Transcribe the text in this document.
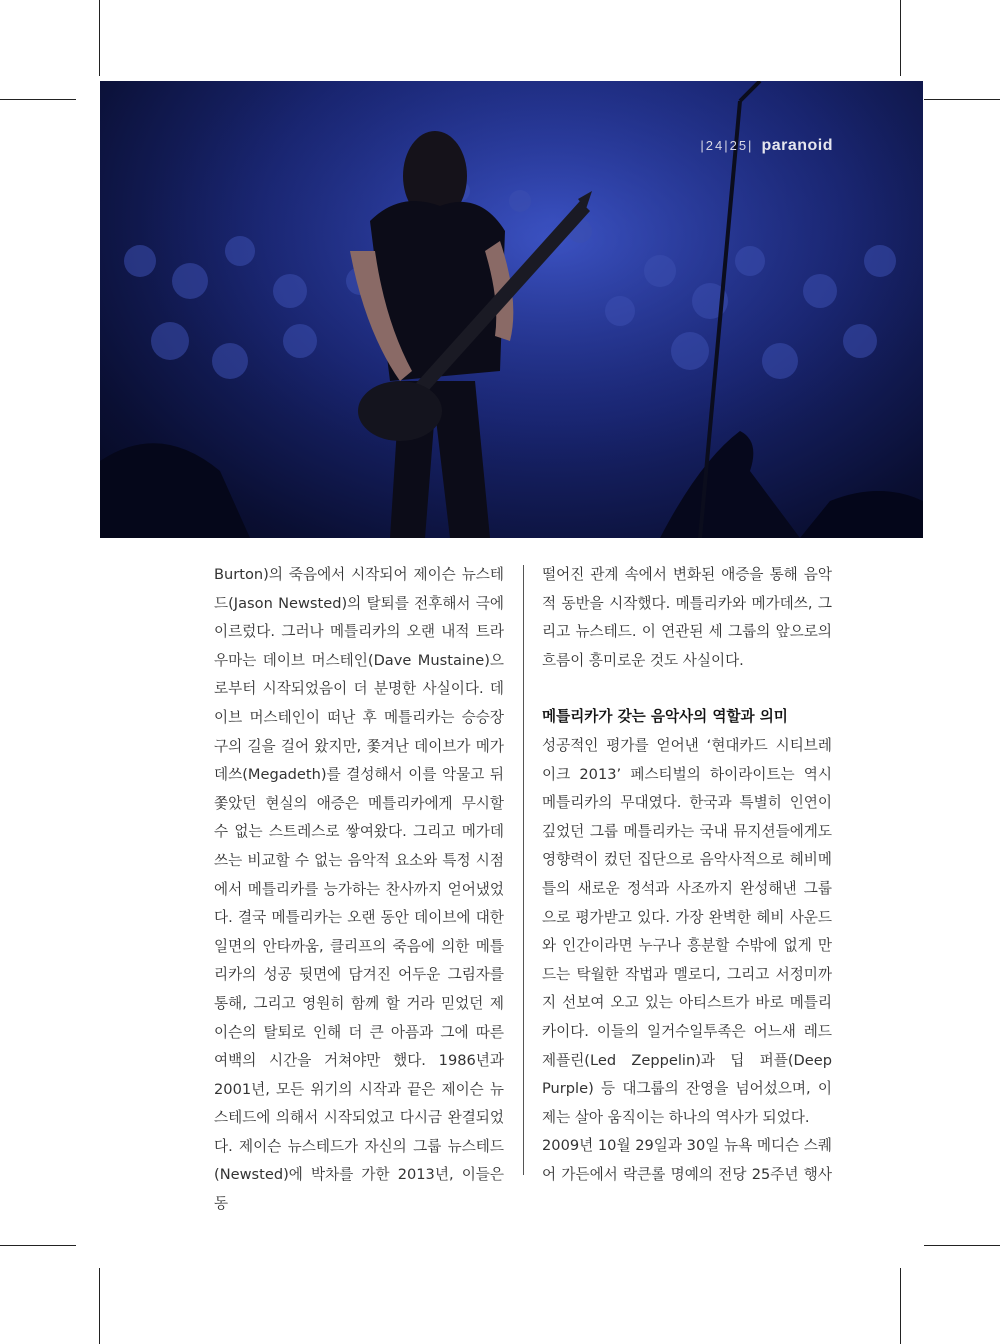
|24|25| paranoid

Burton)의 죽음에서 시작되어 제이슨 뉴스테드(Jason Newsted)의 탈퇴를 전후해서 극에 이르렀다. 그러나 메틀리카의 오랜 내적 트라우마는 데이브 머스테인(Dave Mustaine)으로부터 시작되었음이 더 분명한 사실이다. 데이브 머스테인이 떠난 후 메틀리카는 승승장구의 길을 걸어 왔지만, 쫓겨난 데이브가 메가데쓰(Megadeth)를 결성해서 이를 악물고 뒤쫓았던 현실의 애증은 메틀리카에게 무시할 수 없는 스트레스로 쌓여왔다. 그리고 메가데쓰는 비교할 수 없는 음악적 요소와 특정 시점에서 메틀리카를 능가하는 찬사까지 얻어냈었다. 결국 메틀리카는 오랜 동안 데이브에 대한 일면의 안타까움, 클리프의 죽음에 의한 메틀리카의 성공 뒷면에 담겨진 어두운 그림자를 통해, 그리고 영원히 함께 할 거라 믿었던 제이슨의 탈퇴로 인해 더 큰 아픔과 그에 따른 여백의 시간을 거쳐야만 했다. 1986년과 2001년, 모든 위기의 시작과 끝은 제이슨 뉴스테드에 의해서 시작되었고 다시금 완결되었다. 제이슨 뉴스테드가 자신의 그룹 뉴스테드(Newsted)에 박차를 가한 2013년, 이들은 동

떨어진 관계 속에서 변화된 애증을 통해 음악적 동반을 시작했다. 메틀리카와 메가데쓰, 그리고 뉴스테드. 이 연관된 세 그룹의 앞으로의 흐름이 흥미로운 것도 사실이다.

메틀리카가 갖는 음악사의 역할과 의미

성공적인 평가를 얻어낸 ‘현대카드 시티브레이크 2013’ 페스티벌의 하이라이트는 역시 메틀리카의 무대였다. 한국과 특별히 인연이 깊었던 그룹 메틀리카는 국내 뮤지션들에게도 영향력이 컸던 집단으로 음악사적으로 헤비메틀의 새로운 정석과 사조까지 완성해낸 그룹으로 평가받고 있다. 가장 완벽한 헤비 사운드와 인간이라면 누구나 흥분할 수밖에 없게 만드는 탁월한 작법과 멜로디, 그리고 서정미까지 선보여 오고 있는 아티스트가 바로 메틀리카이다. 이들의 일거수일투족은 어느새 레드 제플린(Led Zeppelin)과 딥 퍼플(Deep Purple) 등 대그룹의 잔영을 넘어섰으며, 이제는 살아 움직이는 하나의 역사가 되었다.

2009년 10월 29일과 30일 뉴욕 메디슨 스퀘어 가든에서 락큰롤 명예의 전당 25주년 행사
